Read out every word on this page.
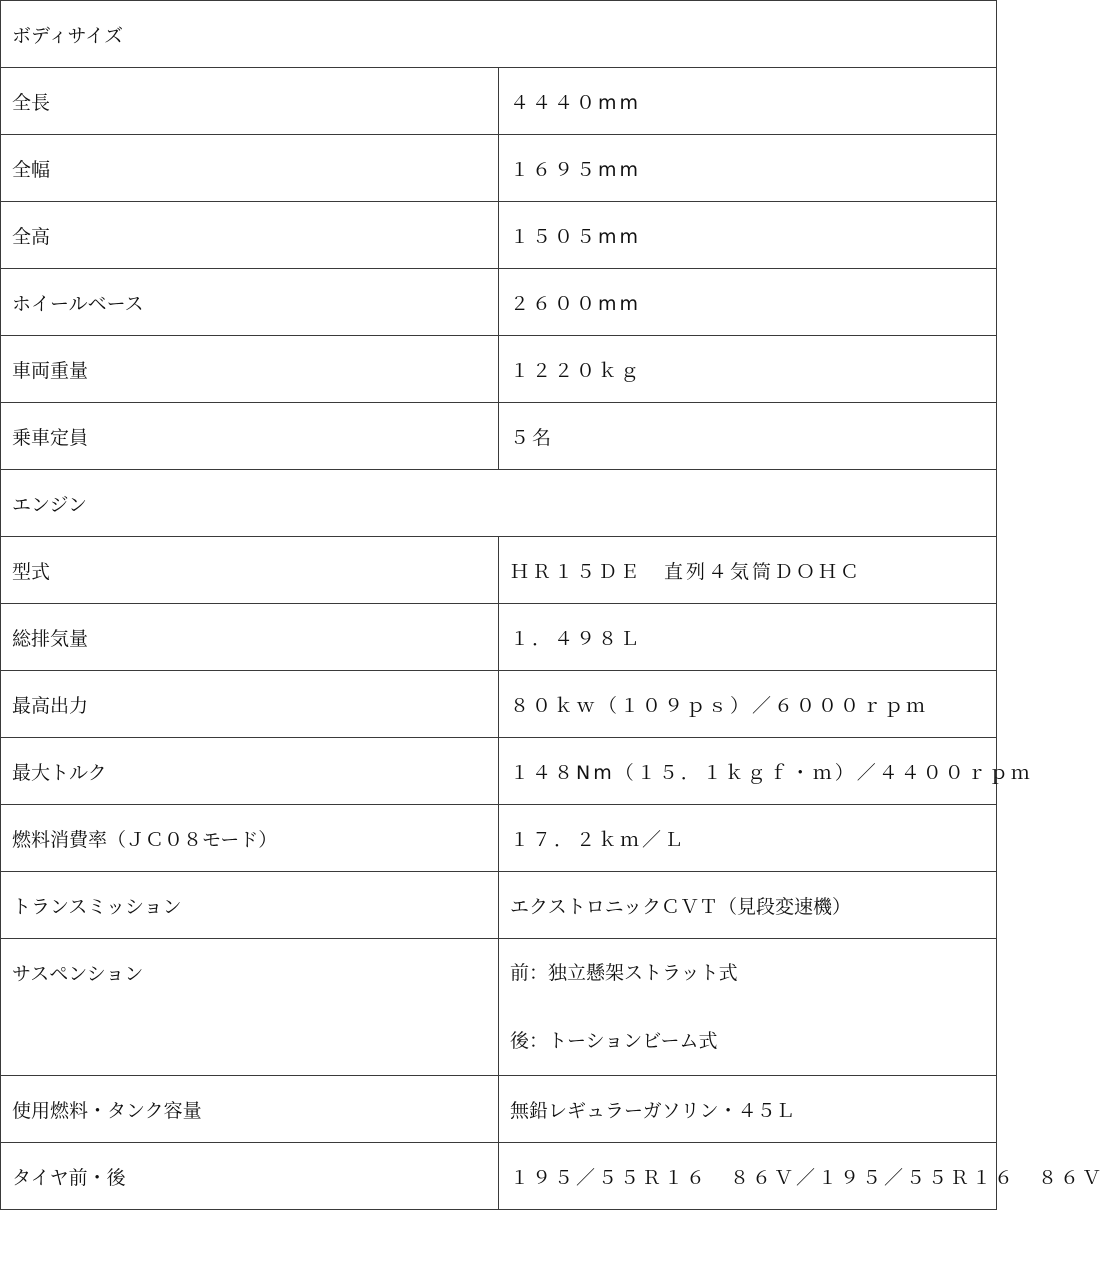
ボディサイズ	
全長	４４４０mm
全幅	１６９５mm
全高	１５０５mm
ホイールベース	２６００mm
車両重量	１２２０ｋｇ
乗車定員	５名
エンジン	
型式	ＨＲ１５ＤＥ　直列４気筒ＤＯＨＣ
総排気量	１．４９８Ｌ
最高出力	８０ｋｗ（１０９ｐｓ）／６０００ｒｐｍ
最大トルク	１４８Nm（１５．１ｋｇｆ・ｍ）／４４００ｒｐｍ
燃料消費率（ＪＣ０８モード）	１７．２ｋｍ／Ｌ
トランスミッション	エクストロニックＣＶＴ（見段変速機）
サスペンション	前：独立懸架ストラット式
後：トーションビーム式

使用燃料・タンク容量	無鉛レギュラーガソリン・４５Ｌ
タイヤ前・後	１９５／５５Ｒ１６　８６Ｖ／１９５／５５Ｒ１６　８６Ｖ
